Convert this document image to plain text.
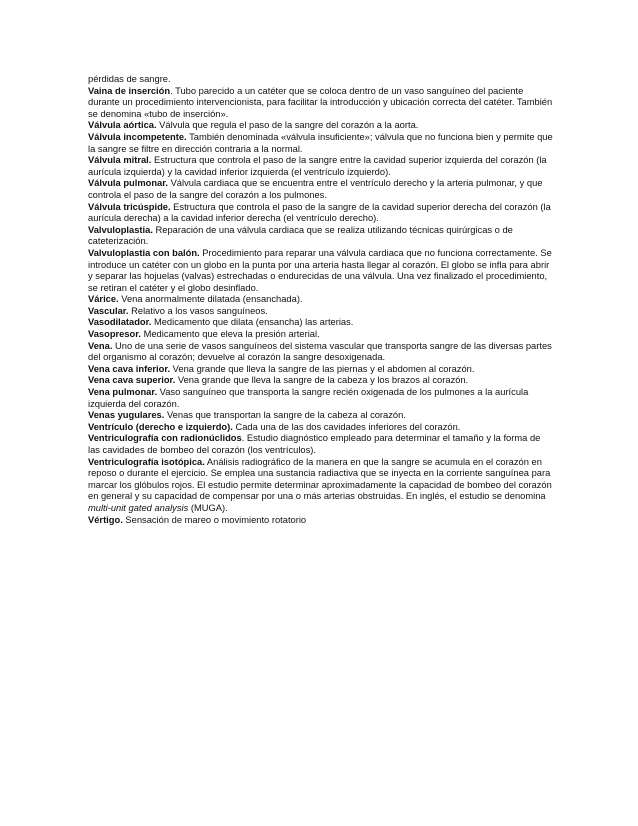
pérdidas de sangre.

Vaina de inserción. Tubo parecido a un catéter que se coloca dentro de un vaso sanguíneo del paciente durante un procedimiento intervencionista, para facilitar la introducción y ubicación correcta del catéter. También se denomina «tubo de inserción».

Válvula aórtica. Válvula que regula el paso de la sangre del corazón a la aorta.

Válvula incompetente. También denominada «válvula insuficiente»; válvula que no funciona bien y permite que la sangre se filtre en dirección contraria a la normal.

Válvula mitral. Estructura que controla el paso de la sangre entre la cavidad superior izquierda del corazón (la aurícula izquierda) y la cavidad inferior izquierda (el ventrículo izquierdo).

Válvula pulmonar. Válvula cardiaca que se encuentra entre el ventrículo derecho y la arteria pulmonar, y que controla el paso de la sangre del corazón a los pulmones.

Válvula tricúspide. Estructura que controla el paso de la sangre de la cavidad superior derecha del corazón (la aurícula derecha) a la cavidad inferior derecha (el ventrículo derecho).

Valvuloplastia. Reparación de una válvula cardiaca que se realiza utilizando técnicas quirúrgicas o de cateterización.

Valvuloplastia con balón. Procedimiento para reparar una válvula cardiaca que no funciona correctamente. Se introduce un catéter con un globo en la punta por una arteria hasta llegar al corazón. El globo se infla para abrir y separar las hojuelas (valvas) estrechadas o endurecidas de una válvula. Una vez finalizado el procedimiento, se retiran el catéter y el globo desinflado.

Várice. Vena anormalmente dilatada (ensanchada).

Vascular. Relativo a los vasos sanguíneos.

Vasodilatador. Medicamento que dilata (ensancha) las arterias.

Vasopresor. Medicamento que eleva la presión arterial.

Vena. Uno de una serie de vasos sanguíneos del sistema vascular que transporta sangre de las diversas partes del organismo al corazón; devuelve al corazón la sangre desoxigenada.

Vena cava inferior. Vena grande que lleva la sangre de las piernas y el abdomen al corazón.

Vena cava superior. Vena grande que lleva la sangre de la cabeza y los brazos al corazón.

Vena pulmonar. Vaso sanguíneo que transporta la sangre recién oxigenada de los pulmones a la aurícula izquierda del corazón.

Venas yugulares. Venas que transportan la sangre de la cabeza al corazón.

Ventrículo (derecho e izquierdo). Cada una de las dos cavidades inferiores del corazón.

Ventriculografía con radionúclidos. Estudio diagnóstico empleado para determinar el tamaño y la forma de las cavidades de bombeo del corazón (los ventrículos).

Ventriculografía isotópica. Análisis radiográfico de la manera en que la sangre se acumula en el corazón en reposo o durante el ejercicio. Se emplea una sustancia radiactiva que se inyecta en la corriente sanguínea para marcar los glóbulos rojos. El estudio permite determinar aproximadamente la capacidad de bombeo del corazón en general y su capacidad de compensar por una o más arterias obstruidas. En inglés, el estudio se denomina multi-unit gated analysis (MUGA).

Vértigo. Sensación de mareo o movimiento rotatorio
